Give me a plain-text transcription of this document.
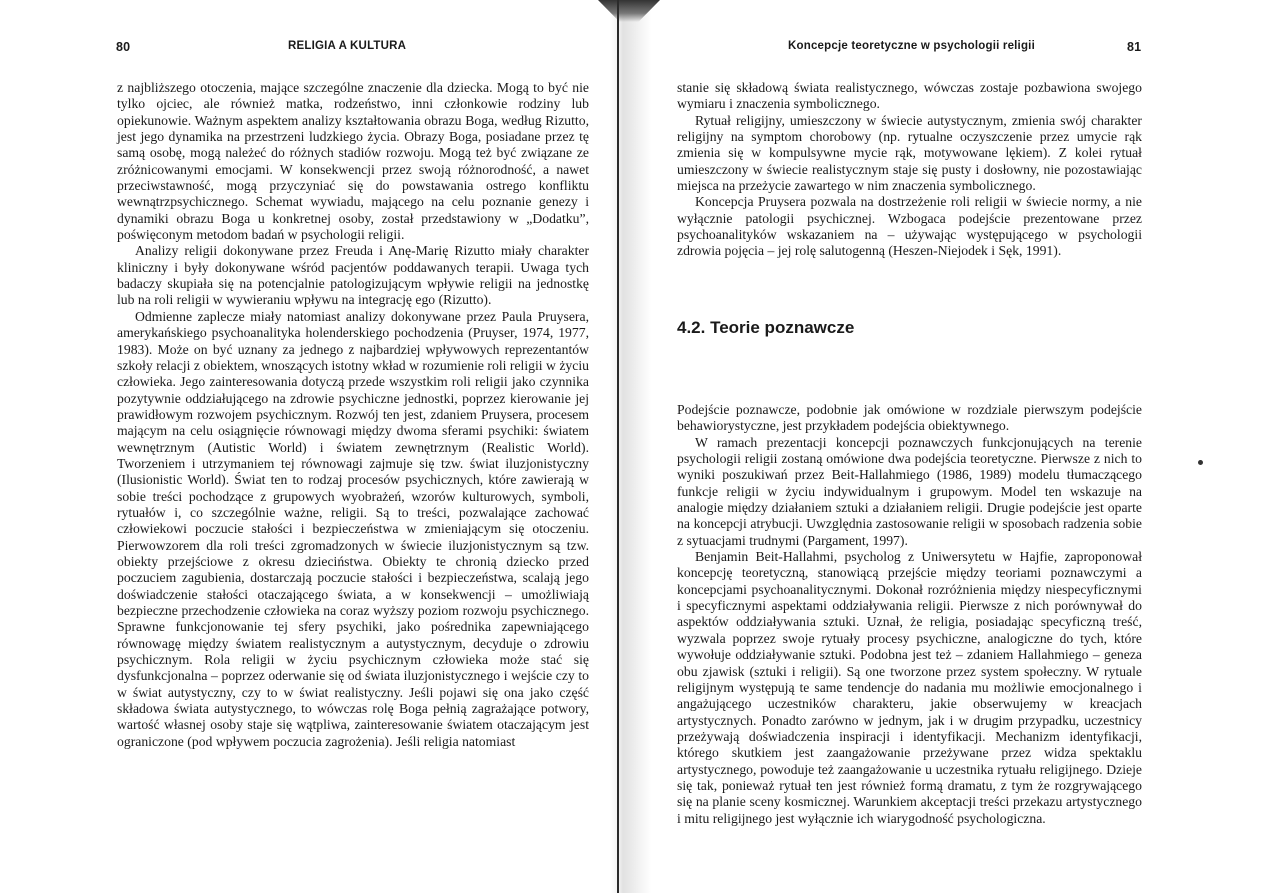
80	RELIGIA A KULTURA

z najbliższego otoczenia, mające szczególne znaczenie dla dziecka. Mogą to być nie tylko ojciec, ale również matka, rodzeństwo, inni członkowie rodziny lub opiekunowie. Ważnym aspektem analizy kształtowania obrazu Boga, według Rizutto, jest jego dynamika na przestrzeni ludzkiego życia. Obrazy Boga, posiadane przez tę samą osobę, mogą należeć do różnych stadiów rozwoju. Mogą też być związane ze zróżnicowanymi emocjami. W konsekwencji przez swoją różnorodność, a nawet przeciwstawność, mogą przyczyniać się do powstawania ostrego konfliktu wewnątrzpsychicznego. Schemat wywiadu, mającego na celu poznanie genezy i dynamiki obrazu Boga u konkretnej osoby, został przedstawiony w „Dodatku”, poświęconym metodom badań w psychologii religii.

Analizy religii dokonywane przez Freuda i Anę-Marię Rizutto miały charakter kliniczny i były dokonywane wśród pacjentów poddawanych terapii. Uwaga tych badaczy skupiała się na potencjalnie patologizującym wpływie religii na jednostkę lub na roli religii w wywieraniu wpływu na integrację ego (Rizutto).

Odmienne zaplecze miały natomiast analizy dokonywane przez Paula Pruysera, amerykańskiego psychoanalityka holenderskiego pochodzenia (Pruyser, 1974, 1977, 1983). Może on być uznany za jednego z najbardziej wpływowych reprezentantów szkoły relacji z obiektem, wnoszących istotny wkład w rozumienie roli religii w życiu człowieka. Jego zainteresowania dotyczą przede wszystkim roli religii jako czynnika pozytywnie oddziałującego na zdrowie psychiczne jednostki, poprzez kierowanie jej prawidłowym rozwojem psychicznym. Rozwój ten jest, zdaniem Pruysera, procesem mającym na celu osiągnięcie równowagi między dwoma sferami psychiki: światem wewnętrznym (Autistic World) i światem zewnętrznym (Realistic World). Tworzeniem i utrzymaniem tej równowagi zajmuje się tzw. świat iluzjonistyczny (Ilusionistic World). Świat ten to rodzaj procesów psychicznych, które zawierają w sobie treści pochodzące z grupowych wyobrażeń, wzorów kulturowych, symboli, rytuałów i, co szczególnie ważne, religii. Są to treści, pozwalające zachować człowiekowi poczucie stałości i bezpieczeństwa w zmieniającym się otoczeniu. Pierwowzorem dla roli treści zgromadzonych w świecie iluzjonistycznym są tzw. obiekty przejściowe z okresu dzieciństwa. Obiekty te chronią dziecko przed poczuciem zagubienia, dostarczają poczucie stałości i bezpieczeństwa, scalają jego doświadczenie stałości otaczającego świata, a w konsekwencji – umożliwiają bezpieczne przechodzenie człowieka na coraz wyższy poziom rozwoju psychicznego. Sprawne funkcjonowanie tej sfery psychiki, jako pośrednika zapewniającego równowagę między światem realistycznym a autystycznym, decyduje o zdrowiu psychicznym. Rola religii w życiu psychicznym człowieka może stać się dysfunkcjonalna – poprzez oderwanie się od świata iluzjonistycznego i wejście czy to w świat autystyczny, czy to w świat realistyczny. Jeśli pojawi się ona jako część składowa świata autystycznego, to wówczas rolę Boga pełnią zagrażające potwory, wartość własnej osoby staje się wątpliwa, zainteresowanie światem otaczającym jest ograniczone (pod wpływem poczucia zagrożenia). Jeśli religia natomiast

Koncepcje teoretyczne w psychologii religii	81

stanie się składową świata realistycznego, wówczas zostaje pozbawiona swojego wymiaru i znaczenia symbolicznego.

Rytuał religijny, umieszczony w świecie autystycznym, zmienia swój charakter religijny na symptom chorobowy (np. rytualne oczyszczenie przez umycie rąk zmienia się w kompulsywne mycie rąk, motywowane lękiem). Z kolei rytuał umieszczony w świecie realistycznym staje się pusty i dosłowny, nie pozostawiając miejsca na przeżycie zawartego w nim znaczenia symbolicznego.

Koncepcja Pruysera pozwala na dostrzeżenie roli religii w świecie normy, a nie wyłącznie patologii psychicznej. Wzbogaca podejście prezentowane przez psychoanalityków wskazaniem na – używając występującego w psychologii zdrowia pojęcia – jej rolę salutogenną (Heszen-Niejodek i Sęk, 1991).

4.2. Teorie poznawcze

Podejście poznawcze, podobnie jak omówione w rozdziale pierwszym podejście behawiorystyczne, jest przykładem podejścia obiektywnego.

W ramach prezentacji koncepcji poznawczych funkcjonujących na terenie psychologii religii zostaną omówione dwa podejścia teoretyczne. Pierwsze z nich to wyniki poszukiwań przez Beit-Hallahmiego (1986, 1989) modelu tłumaczącego funkcje religii w życiu indywidualnym i grupowym. Model ten wskazuje na analogie między działaniem sztuki a działaniem religii. Drugie podejście jest oparte na koncepcji atrybucji. Uwzględnia zastosowanie religii w sposobach radzenia sobie z sytuacjami trudnymi (Pargament, 1997).

Benjamin Beit-Hallahmi, psycholog z Uniwersytetu w Hajfie, zaproponował koncepcję teoretyczną, stanowiącą przejście między teoriami poznawczymi a koncepcjami psychoanalitycznymi. Dokonał rozróżnienia między niespecyficznymi i specyficznymi aspektami oddziaływania religii. Pierwsze z nich porównywał do aspektów oddziaływania sztuki. Uznał, że religia, posiadając specyficzną treść, wyzwala poprzez swoje rytuały procesy psychiczne, analogiczne do tych, które wywołuje oddziaływanie sztuki. Podobna jest też – zdaniem Hallahmiego – geneza obu zjawisk (sztuki i religii). Są one tworzone przez system społeczny. W rytuale religijnym występują te same tendencje do nadania mu możliwie emocjonalnego i angażującego uczestników charakteru, jakie obserwujemy w kreacjach artystycznych. Ponadto zarówno w jednym, jak i w drugim przypadku, uczestnicy przeżywają doświadczenia inspiracji i identyfikacji. Mechanizm identyfikacji, którego skutkiem jest zaangażowanie przeżywane przez widza spektaklu artystycznego, powoduje też zaangażowanie u uczestnika rytuału religijnego. Dzieje się tak, ponieważ rytuał ten jest również formą dramatu, z tym że rozgrywającego się na planie sceny kosmicznej. Warunkiem akceptacji treści przekazu artystycznego i mitu religijnego jest wyłącznie ich wiarygodność psychologiczna.
